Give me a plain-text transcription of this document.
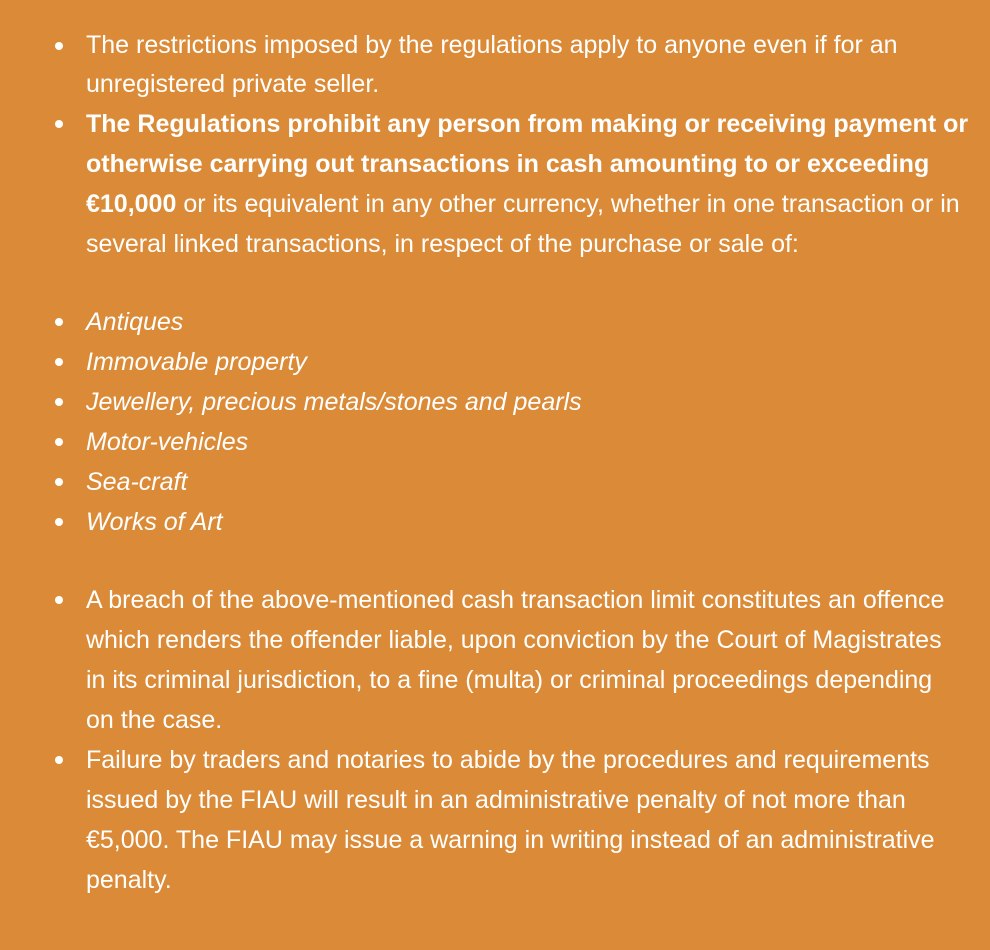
The restrictions imposed by the regulations apply to anyone even if for an unregistered private seller.
The Regulations prohibit any person from making or receiving payment or otherwise carrying out transactions in cash amounting to or exceeding €10,000 or its equivalent in any other currency, whether in one transaction or in several linked transactions, in respect of the purchase or sale of:
Antiques
Immovable property
Jewellery, precious metals/stones and pearls
Motor-vehicles
Sea-craft
Works of Art
A breach of the above-mentioned cash transaction limit constitutes an offence which renders the offender liable, upon conviction by the Court of Magistrates in its criminal jurisdiction, to a fine (multa) or criminal proceedings depending on the case.
Failure by traders and notaries to abide by the procedures and requirements issued by the FIAU will result in an administrative penalty of not more than €5,000. The FIAU may issue a warning in writing instead of an administrative penalty.
